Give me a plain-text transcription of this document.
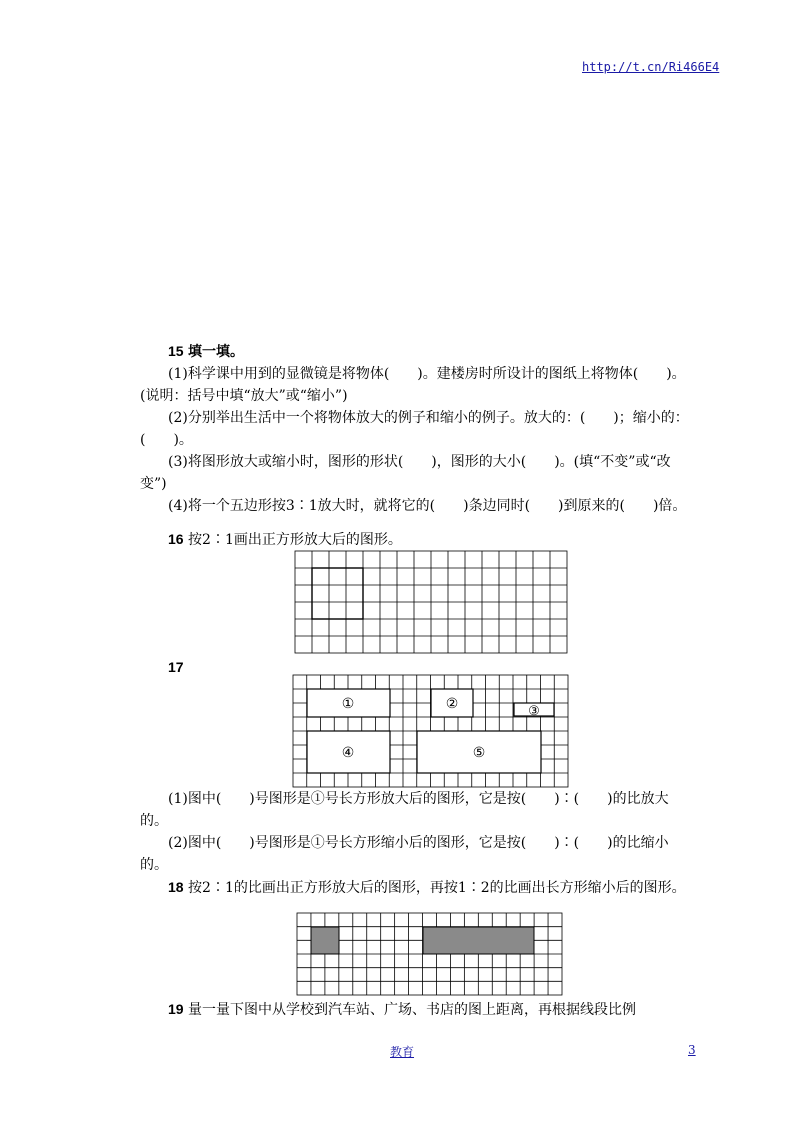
http://t.cn/Ri466E4

15 填一填。

(1)科学课中用到的显微镜是将物体(　　)。建楼房时所设计的图纸上将物体(　　)。(说明：括号中填“放大”或“缩小”)

(2)分别举出生活中一个将物体放大的例子和缩小的例子。放大的：(　　)；缩小的：(　　)。

(3)将图形放大或缩小时，图形的形状(　　)，图形的大小(　　)。(填“不变”或“改变”)

(4)将一个五边形按3∶1放大时，就将它的(　　)条边同时(　　)到原来的(　　)倍。

16 按2∶1画出正方形放大后的图形。

17

①	②	③
④	⑤

(1)图中(　　)号图形是①号长方形放大后的图形，它是按(　　)∶(　　)的比放大的。

(2)图中(　　)号图形是①号长方形缩小后的图形，它是按(　　)∶(　　)的比缩小的。

18 按2∶1的比画出正方形放大后的图形，再按1∶2的比画出长方形缩小后的图形。

19 量一量下图中从学校到汽车站、广场、书店的图上距离，再根据线段比例

教育	3
